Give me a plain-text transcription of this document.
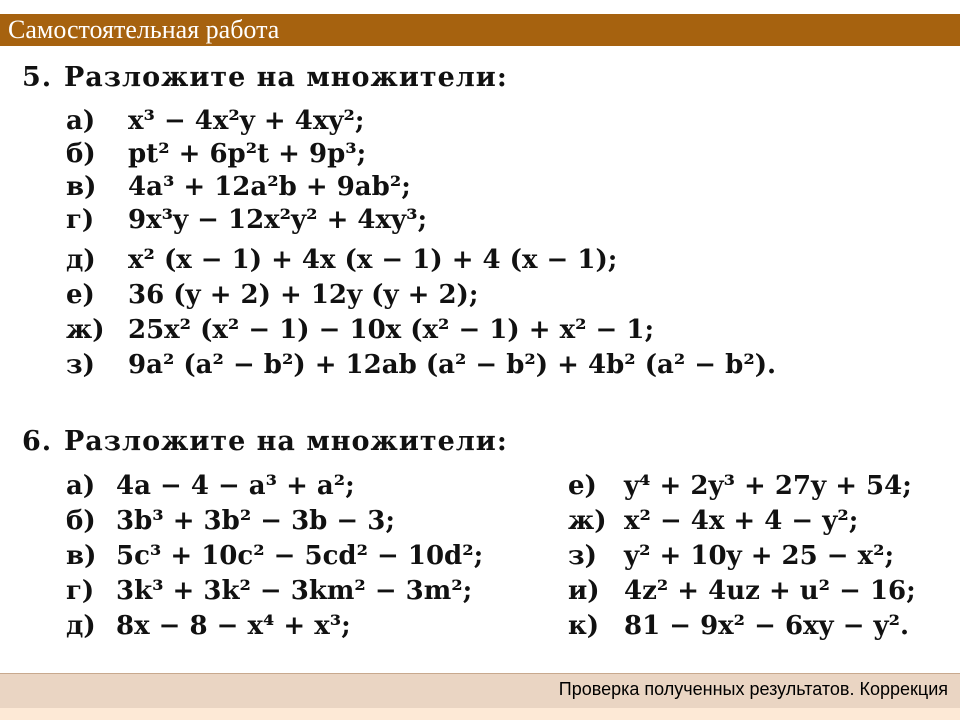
Самостоятельная работа
5. Разложите на множители:
а) x³ − 4x²y + 4xy²;
б) pt² + 6p²t + 9p³;
в) 4a³ + 12a²b + 9ab²;
г) 9x³y − 12x²y² + 4xy³;
д) x² (x − 1) + 4x (x − 1) + 4 (x − 1);
е) 36 (y + 2) + 12y (y + 2);
ж) 25x² (x² − 1) − 10x (x² − 1) + x² − 1;
з) 9a² (a² − b²) + 12ab (a² − b²) + 4b² (a² − b²).
6. Разложите на множители:
а) 4a − 4 − a³ + a²;
б) 3b³ + 3b² − 3b − 3;
в) 5c³ + 10c² − 5cd² − 10d²;
г) 3k³ + 3k² − 3km² − 3m²;
д) 8x − 8 − x⁴ + x³;
е) y⁴ + 2y³ + 27y + 54;
ж) x² − 4x + 4 − y²;
з) y² + 10y + 25 − x²;
и) 4z² + 4uz + u² − 16;
к) 81 − 9x² − 6xy − y².
Проверка полученных результатов. Коррекция
